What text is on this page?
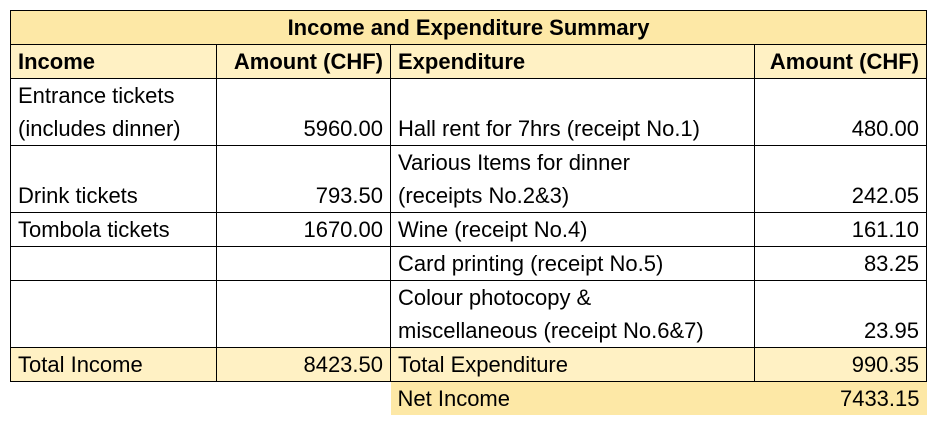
Income and Expenditure Summary			
Income	Amount (CHF)	Expenditure	Amount (CHF)

Entrance tickets
(includes dinner)	5960.00	Hall rent for 7hrs (receipt No.1)	480.00

Drink tickets	793.50	Various Items for dinner
(receipts No.2&3)	242.05

Tombola tickets	1670.00	Wine (receipt No.4)	161.10

		Card printing (receipt No.5)	83.25

		Colour photocopy &
miscellaneous (receipt No.6&7)	23.95
Total Income	8423.50	Total Expenditure	990.35
		Net Income	7433.15
